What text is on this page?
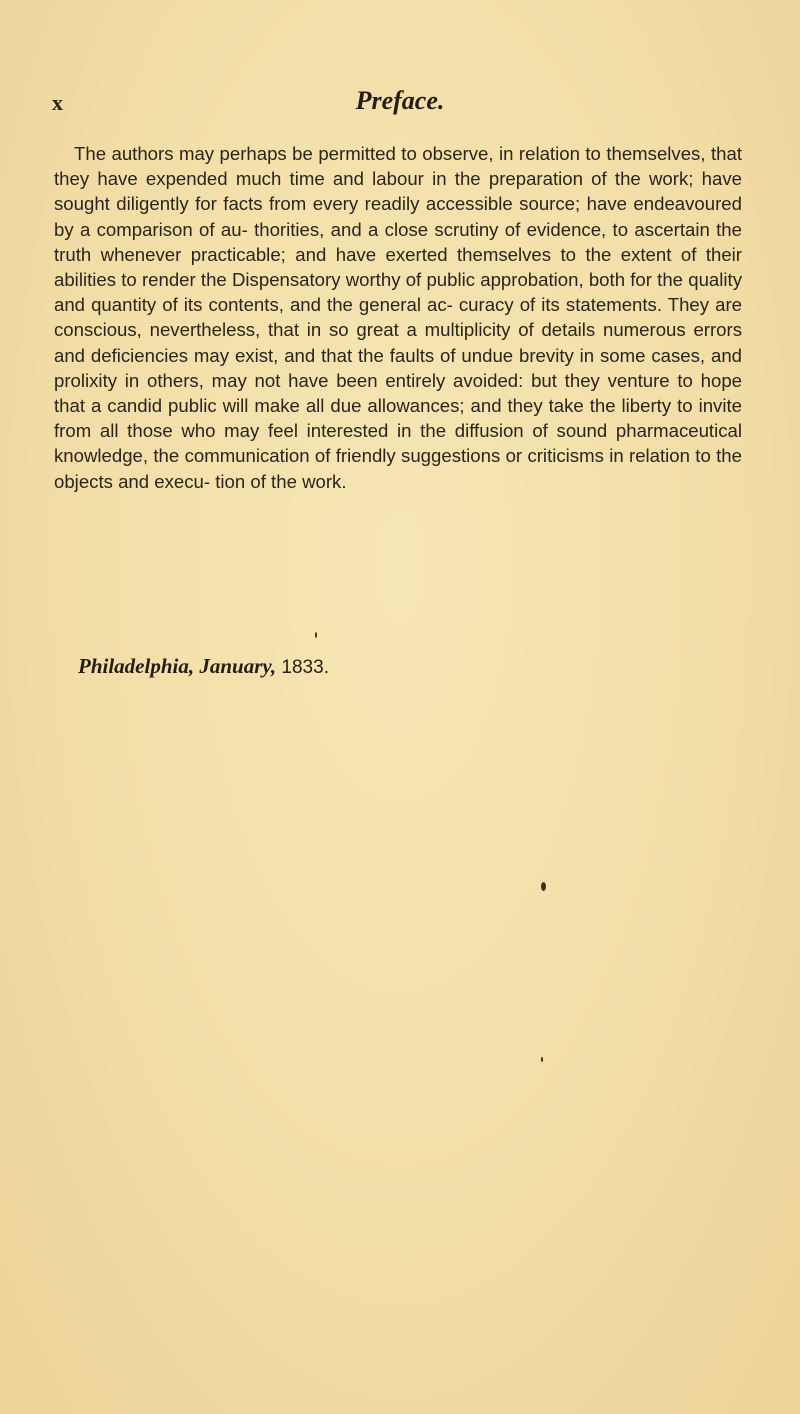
x	Preface.

The authors may perhaps be permitted to observe, in relation to themselves, that they have expended much time and labour in the preparation of the work; have sought diligently for facts from every readily accessible source; have endeavoured by a comparison of au- thorities, and a close scrutiny of evidence, to ascertain the truth whenever practicable; and have exerted themselves to the extent of their abilities to render the Dispensatory worthy of public approbation, both for the quality and quantity of its contents, and the general ac- curacy of its statements. They are conscious, nevertheless, that in so great a multiplicity of details numerous errors and deficiencies may exist, and that the faults of undue brevity in some cases, and prolixity in others, may not have been entirely avoided: but they venture to hope that a candid public will make all due allowances; and they take the liberty to invite from all those who may feel interested in the diffusion of sound pharmaceutical knowledge, the communication of friendly suggestions or criticisms in relation to the objects and execu- tion of the work.

Philadelphia, January, 1833.
